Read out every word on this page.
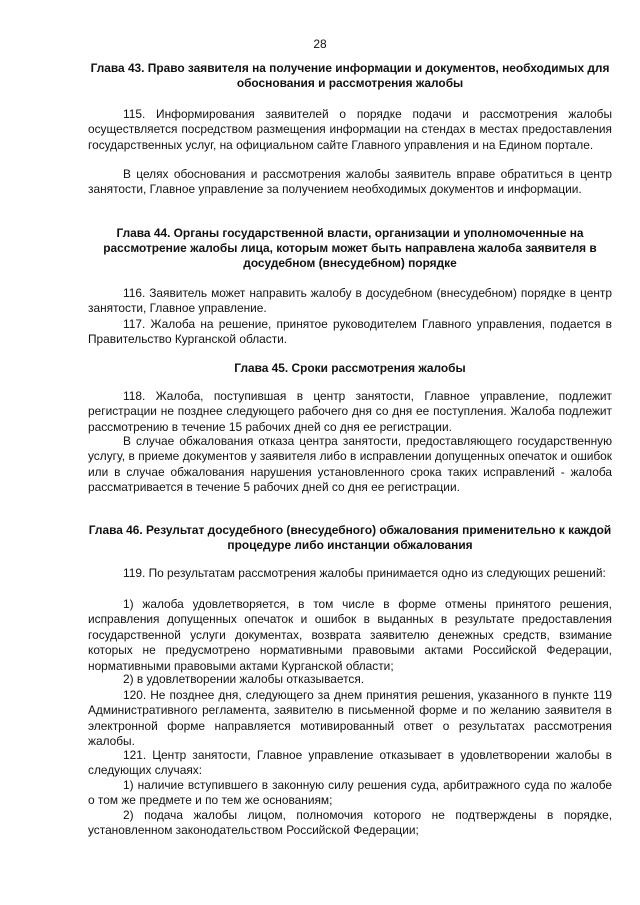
28
Глава 43. Право заявителя на получение информации и документов, необходимых для обоснования и рассмотрения жалобы
115. Информирования заявителей о порядке подачи и рассмотрения жалобы осуществляется посредством размещения информации на стендах в местах предоставления государственных услуг, на официальном сайте Главного управления и на Едином портале.
В целях обоснования и рассмотрения жалобы заявитель вправе обратиться в центр занятости, Главное управление за получением необходимых документов и информации.
Глава 44. Органы государственной власти, организации и уполномоченные на рассмотрение жалобы лица, которым может быть направлена жалоба заявителя в досудебном (внесудебном) порядке
116. Заявитель может направить жалобу в досудебном (внесудебном) порядке в центр занятости, Главное управление.
117. Жалоба на решение, принятое руководителем Главного управления, подается в Правительство Курганской области.
Глава 45. Сроки рассмотрения жалобы
118. Жалоба, поступившая в центр занятости, Главное управление, подлежит регистрации не позднее следующего рабочего дня со дня ее поступления. Жалоба подлежит рассмотрению в течение 15 рабочих дней со дня ее регистрации.
В случае обжалования отказа центра занятости, предоставляющего государственную услугу, в приеме документов у заявителя либо в исправлении допущенных опечаток и ошибок или в случае обжалования нарушения установленного срока таких исправлений - жалоба рассматривается в течение 5 рабочих дней со дня ее регистрации.
Глава 46. Результат досудебного (внесудебного) обжалования применительно к каждой процедуре либо инстанции обжалования
119. По результатам рассмотрения жалобы принимается одно из следующих решений:
1) жалоба удовлетворяется, в том числе в форме отмены принятого решения, исправления допущенных опечаток и ошибок в выданных в результате предоставления государственной услуги документах, возврата заявителю денежных средств, взимание которых не предусмотрено нормативными правовыми актами Российской Федерации, нормативными правовыми актами Курганской области;
2) в удовлетворении жалобы отказывается.
120. Не позднее дня, следующего за днем принятия решения, указанного в пункте 119 Административного регламента, заявителю в письменной форме и по желанию заявителя в электронной форме направляется мотивированный ответ о результатах рассмотрения жалобы.
121. Центр занятости, Главное управление отказывает в удовлетворении жалобы в следующих случаях:
1) наличие вступившего в законную силу решения суда, арбитражного суда по жалобе о том же предмете и по тем же основаниям;
2) подача жалобы лицом, полномочия которого не подтверждены в порядке, установленном законодательством Российской Федерации;
